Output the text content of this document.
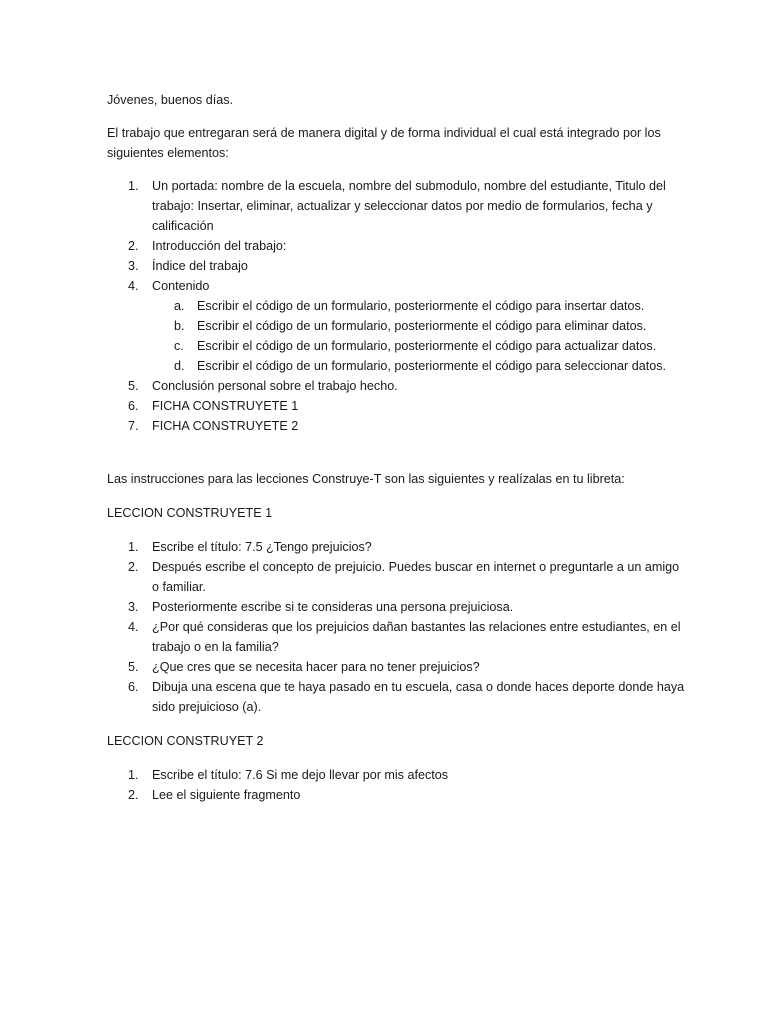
Jóvenes, buenos días.

El trabajo que entregaran será de manera digital y de forma individual el cual está integrado por los siguientes elementos:

1. Un portada: nombre de la escuela, nombre del submodulo, nombre del estudiante, Titulo del trabajo: Insertar, eliminar, actualizar y seleccionar datos por medio de formularios, fecha y calificación
2. Introducción del trabajo:
3. Índice del trabajo
4. Contenido
a. Escribir el código de un formulario, posteriormente el código para insertar datos.
b. Escribir el código de un formulario, posteriormente el código para eliminar datos.
c. Escribir el código de un formulario, posteriormente el código para actualizar datos.
d. Escribir el código de un formulario, posteriormente el código para seleccionar datos.
5. Conclusión personal sobre el trabajo hecho.
6. FICHA CONSTRUYETE 1
7. FICHA CONSTRUYETE 2

Las instrucciones para las lecciones Construye-T son las siguientes y realízalas en tu libreta:

LECCION CONSTRUYETE 1

1. Escribe el título: 7.5 ¿Tengo prejuicios?
2. Después escribe el concepto de prejuicio. Puedes buscar en internet o preguntarle a un amigo o familiar.
3. Posteriormente escribe si te consideras una persona prejuiciosa.
4. ¿Por qué consideras que los prejuicios dañan bastantes las relaciones entre estudiantes, en el trabajo o en la familia?
5. ¿Que cres que se necesita hacer para no tener prejuicios?
6. Dibuja una escena que te haya pasado en tu escuela, casa o donde haces deporte donde haya sido prejuicioso (a).

LECCION CONSTRUYET 2

1. Escribe el título: 7.6 Si me dejo llevar por mis afectos
2. Lee el siguiente fragmento
